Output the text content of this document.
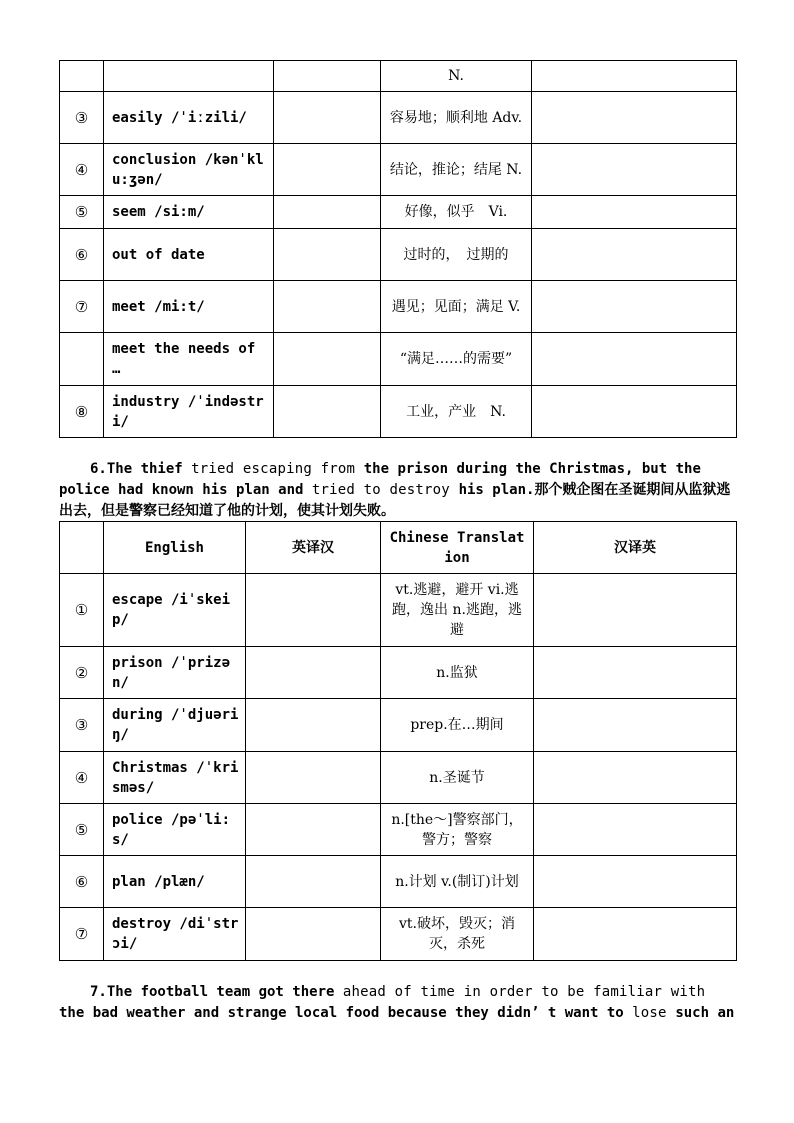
			N.	
③	easily /ˈiːzili/		容易地；顺利地 Adv.	
④	conclusion /kənˈklu:ʒən/		结论，推论；结尾 N.	
⑤	seem /si:m/		好像，似乎　Vi.	
⑥	out of date		过时的，　过期的	
⑦	meet /mi:t/		遇见；见面；满足 V.	
	meet the needs of …		“满足……的需要”	
⑧	industry /ˈindəstri/		工业，产业　N.	
6.The thief tried escaping from the prison during the Christmas, but the police had known his plan and tried to destroy his plan.那个贼企图在圣诞期间从监狱逃出去，但是警察已经知道了他的计划，使其计划失败。
	English	英译汉	Chinese Translation	汉译英
①	escape /iˈskeip/		vt.逃避，避开 vi.逃跑，逸出 n.逃跑，逃避	
②	prison /ˈprizən/		n.监狱	
③	during /ˈdjuəriŋ/		prep.在…期间	
④	Christmas /ˈkrisməs/		n.圣诞节	
⑤	police /pəˈli:s/		n.[the～]警察部门，警方；警察	
⑥	plan /plæn/		n.计划 v.(制订)计划	
⑦	destroy /diˈstrɔi/		vt.破坏，毁灭；消灭，杀死	
7.The football team got there ahead of time in order to be familiar with the bad weather and strange local food because they didn’ t want to lose such an
